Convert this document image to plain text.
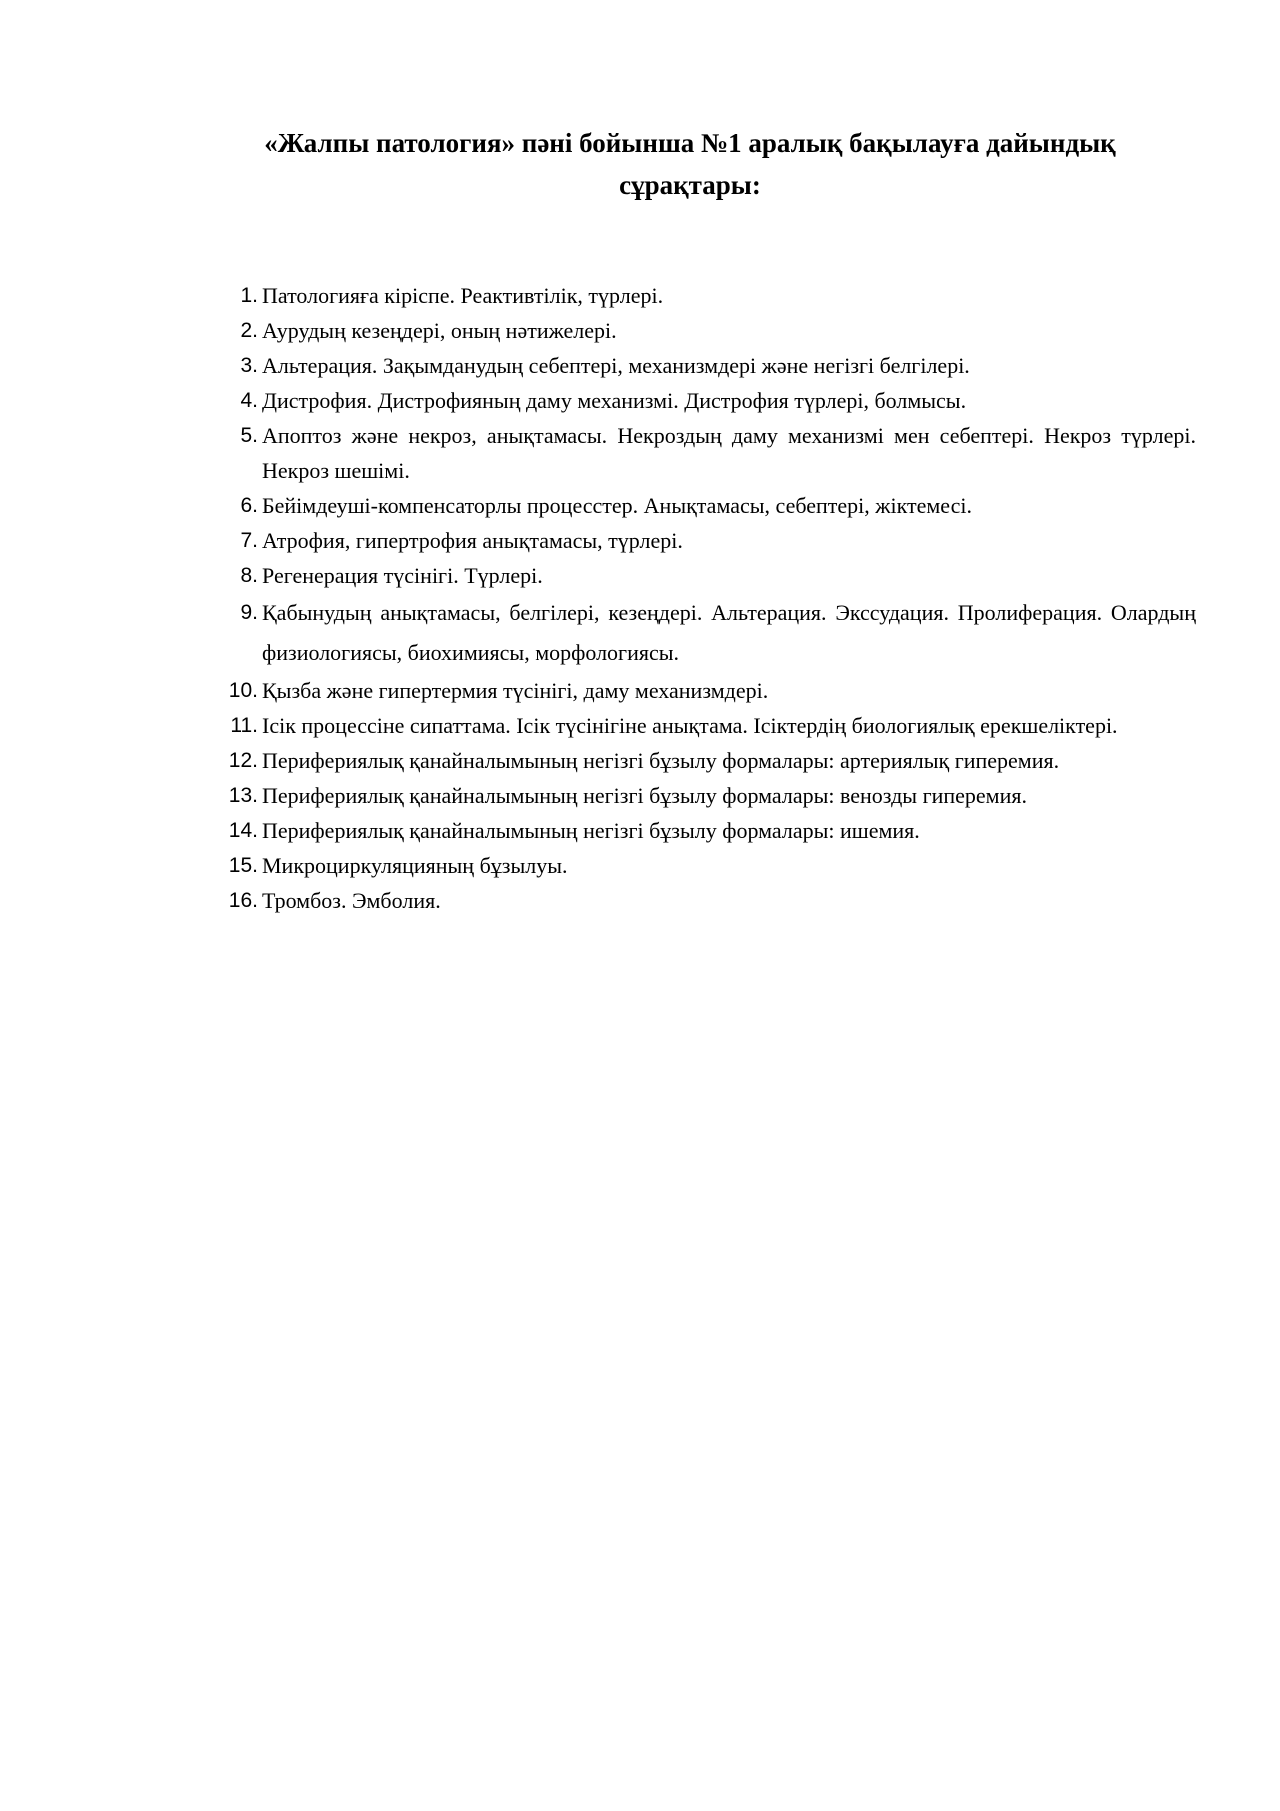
«Жалпы патология» пәні бойынша №1 аралық бақылауға дайындық сұрақтары:
1. Патологияға кіріспе. Реактивтілік, түрлері.
2. Аурудың кезеңдері, оның нәтижелері.
3. Альтерация. Зақымданудың себептері, механизмдері және негізгі белгілері.
4. Дистрофия. Дистрофияның даму механизмі. Дистрофия түрлері, болмысы.
5. Апоптоз және некроз, анықтамасы. Некроздың даму механизмі мен себептері. Некроз түрлері. Некроз шешімі.
6. Бейімдеуші-компенсаторлы процесстер. Анықтамасы, себептері, жіктемесі.
7. Атрофия, гипертрофия анықтамасы, түрлері.
8. Регенерация түсінігі. Түрлері.
9. Қабынудың анықтамасы, белгілері, кезеңдері. Альтерация. Экссудация. Пролиферация. Олардың физиологиясы, биохимиясы, морфологиясы.
10. Қызба және гипертермия түсінігі, даму механизмдері.
11. Ісік процессіне сипаттама. Ісік түсінігіне анықтама. Ісіктердің биологиялық ерекшеліктері.
12. Перифериялық қанайналымының негізгі бұзылу формалары: артериялық гиперемия.
13. Перифериялық қанайналымының негізгі бұзылу формалары: венозды гиперемия.
14. Перифериялық қанайналымының негізгі бұзылу формалары: ишемия.
15. Микроциркуляцияның бұзылуы.
16. Тромбоз. Эмболия.
